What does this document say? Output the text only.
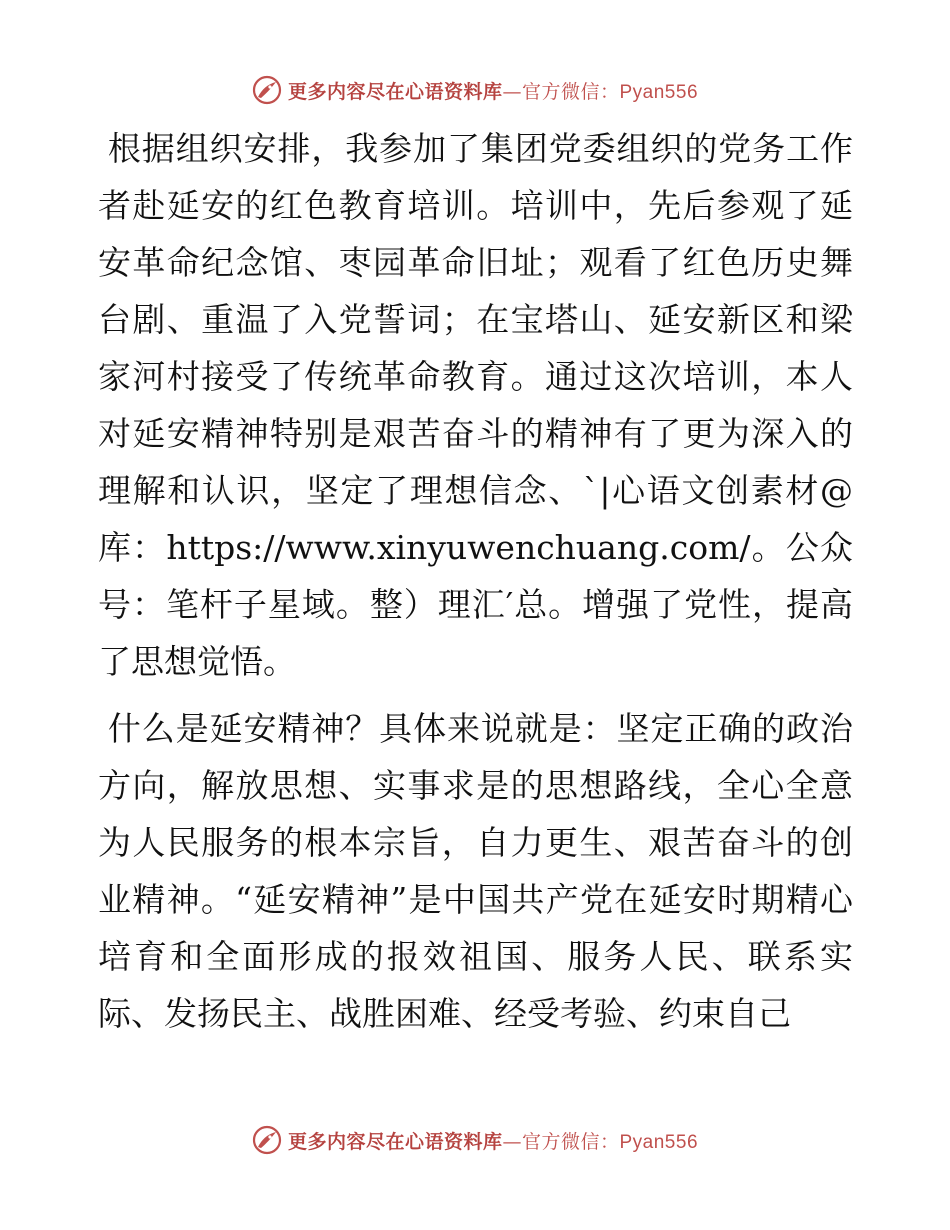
更多内容尽在心语资料库—官方微信：Pyan556

根据组织安排，我参加了集团党委组织的党务工作者赴延安的红色教育培训。培训中，先后参观了延安革命纪念馆、枣园革命旧址；观看了红色历史舞台剧、重温了入党誓词；在宝塔山、延安新区和梁家河村接受了传统革命教育。通过这次培训，本人对延安精神特别是艰苦奋斗的精神有了更为深入的理解和认识，坚定了理想信念、`|心语文创素材@库：https://www.xinyuwenchuang.com/。公众号：笔杆子星域。整）理汇′总。增强了党性，提高了思想觉悟。

什么是延安精神？具体来说就是：坚定正确的政治方向，解放思想、实事求是的思想路线，全心全意为人民服务的根本宗旨，自力更生、艰苦奋斗的创业精神。“延安精神”是中国共产党在延安时期精心培育和全面形成的报效祖国、服务人民、联系实际、发扬民主、战胜困难、经受考验、约束自己

更多内容尽在心语资料库—官方微信：Pyan556
